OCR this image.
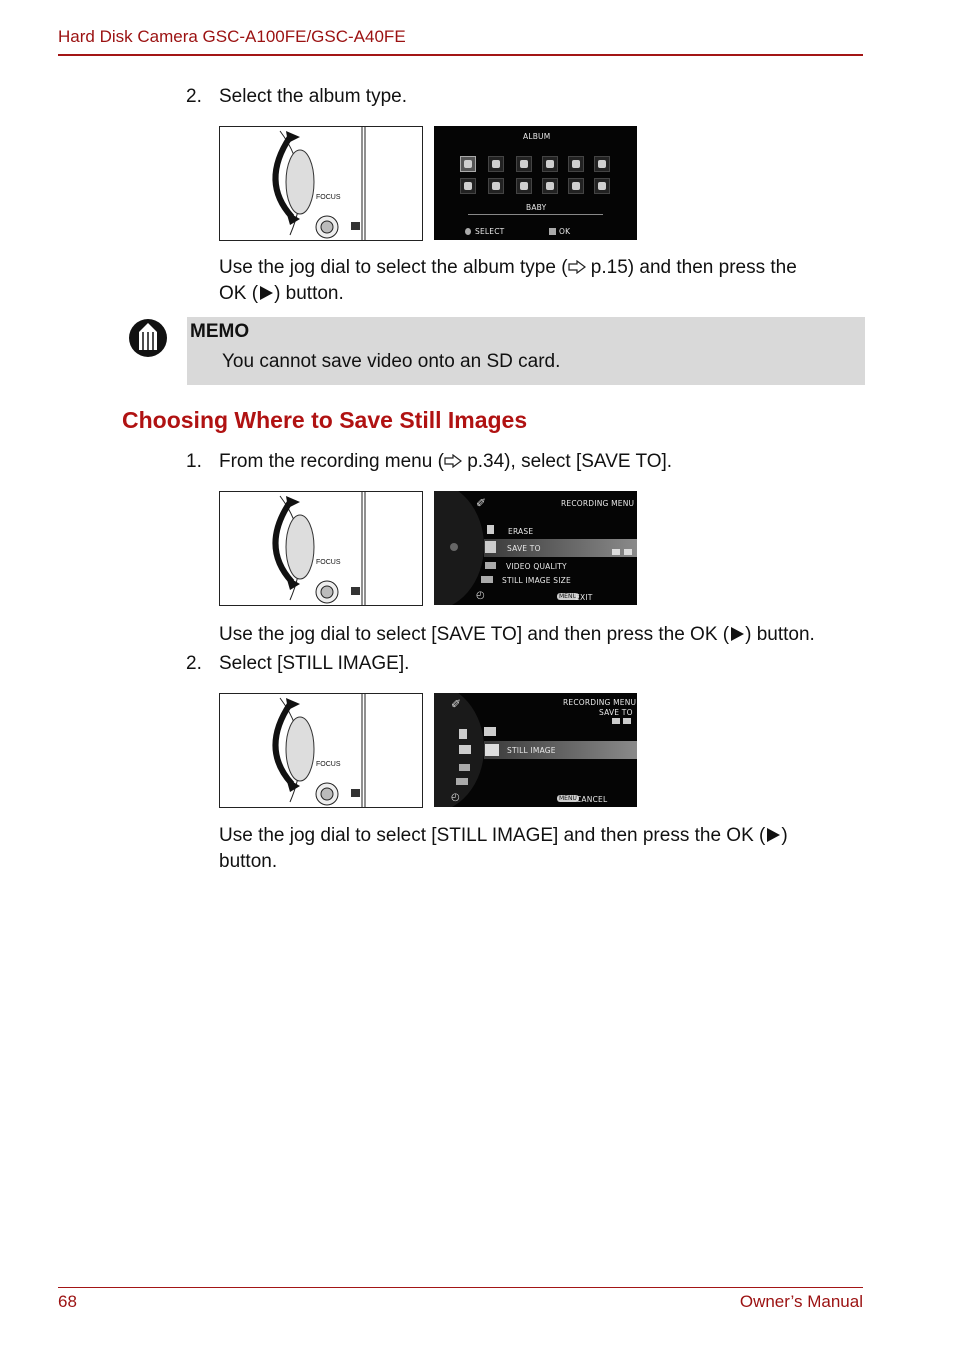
Hard Disk Camera GSC-A100FE/GSC-A40FE
2. Select the album type.
FOCUS
ALBUM
BABY
SELECT	OK
Use the jog dial to select the album type ( p.15) and then press the
OK ( ) button.
MEMO
You cannot save video onto an SD card.
Choosing Where to Save Still Images
1. From the recording menu ( p.34), select [SAVE TO].
FOCUS
✐	RECORDING MENU
ERASE
SAVE TO
VIDEO QUALITY
STILL IMAGE SIZE
◴	MENU
EXIT
Use the jog dial to select [SAVE TO] and then press the OK ( ) button.
2. Select [STILL IMAGE].
FOCUS
✐	RECORDING MENU
SAVE TO
STILL IMAGE
◴	MENU CANCEL
Use the jog dial to select [STILL IMAGE] and then press the OK ( )
button.
68	Owner’s Manual
